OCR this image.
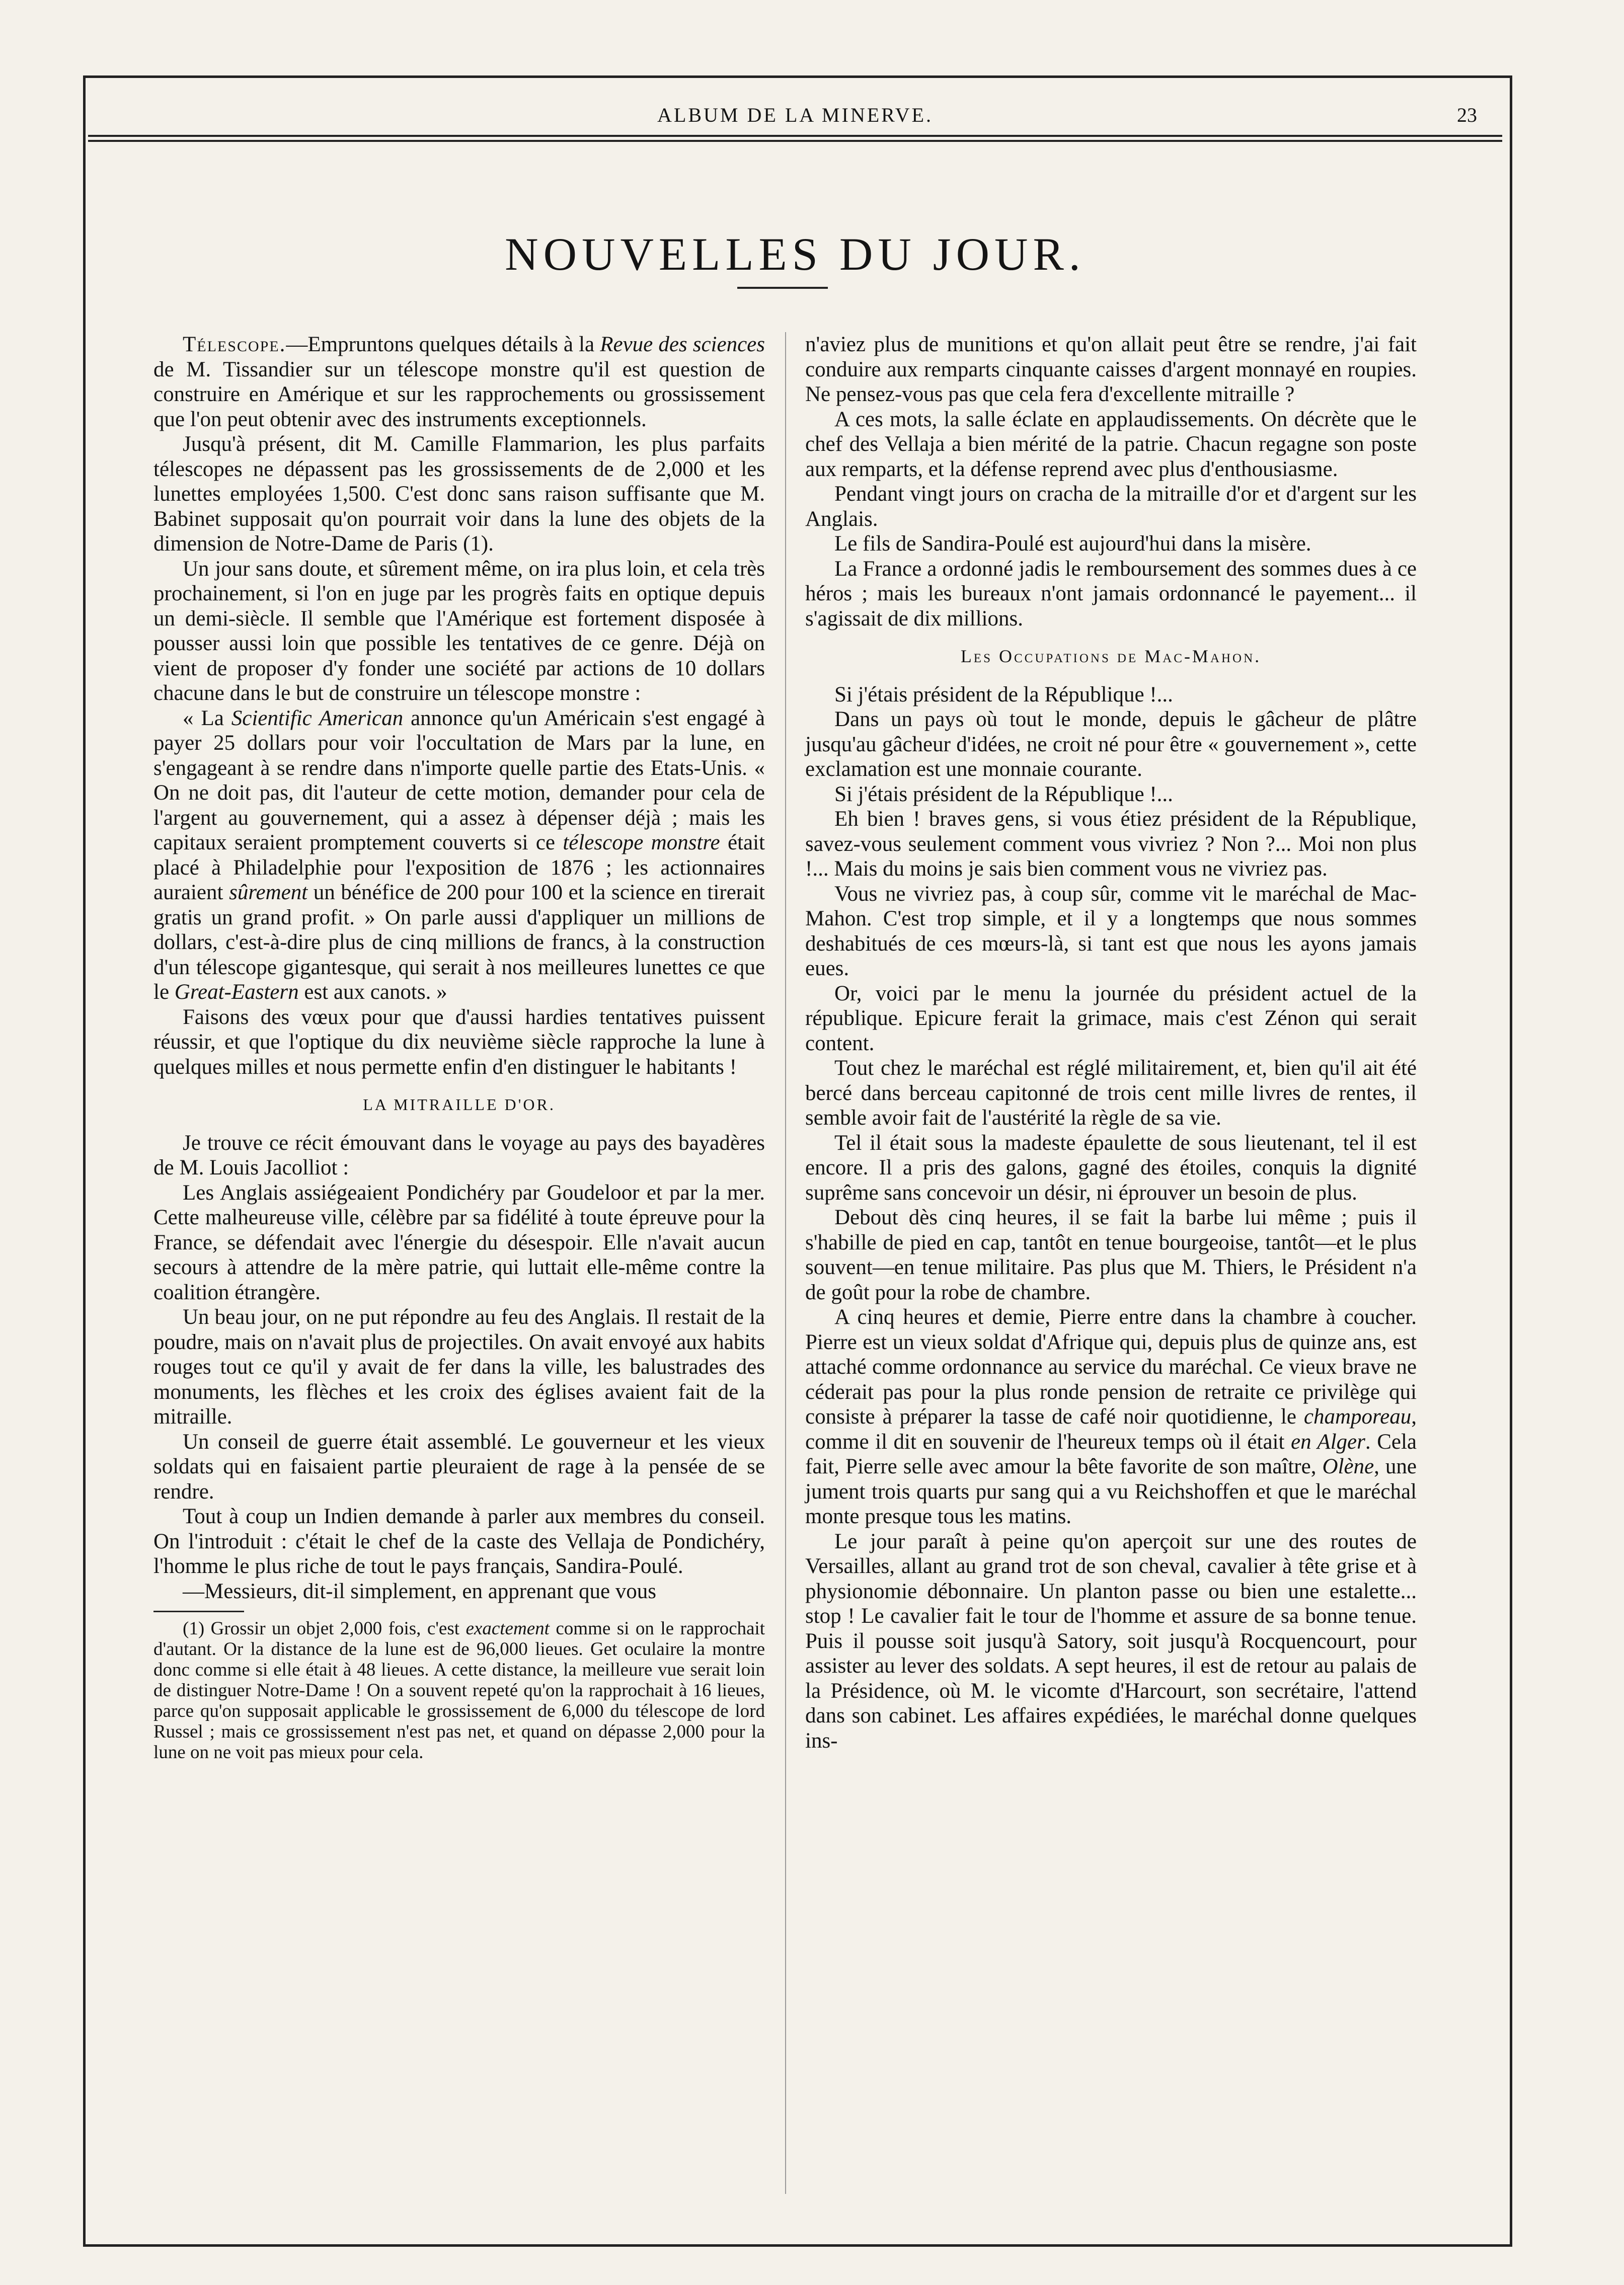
ALBUM DE LA MINERVE.	23
NOUVELLES DU JOUR.

Télescope.—Empruntons quelques détails à la Revue des sciences de M. Tissandier sur un télescope monstre qu'il est question de construire en Amérique et sur les rapprochements ou grossissement que l'on peut obtenir avec des instruments exceptionnels.

Jusqu'à présent, dit M. Camille Flammarion, les plus parfaits télescopes ne dépassent pas les grossissements de de 2,000 et les lunettes employées 1,500. C'est donc sans raison suffisante que M. Babinet supposait qu'on pourrait voir dans la lune des objets de la dimension de Notre-Dame de Paris (1).

Un jour sans doute, et sûrement même, on ira plus loin, et cela très prochainement, si l'on en juge par les progrès faits en optique depuis un demi-siècle. Il semble que l'Amérique est fortement disposée à pousser aussi loin que possible les tentatives de ce genre. Déjà on vient de proposer d'y fonder une société par actions de 10 dollars chacune dans le but de construire un télescope monstre :

« La Scientific American annonce qu'un Américain s'est engagé à payer 25 dollars pour voir l'occultation de Mars par la lune, en s'engageant à se rendre dans n'importe quelle partie des Etats-Unis. « On ne doit pas, dit l'auteur de cette motion, demander pour cela de l'argent au gouvernement, qui a assez à dépenser déjà ; mais les capitaux seraient promptement couverts si ce télescope monstre était placé à Philadelphie pour l'exposition de 1876 ; les actionnaires auraient sûrement un bénéfice de 200 pour 100 et la science en tirerait gratis un grand profit. » On parle aussi d'appliquer un millions de dollars, c'est-à-dire plus de cinq millions de francs, à la construction d'un télescope gigantesque, qui serait à nos meilleures lunettes ce que le Great-Eastern est aux canots. »

Faisons des vœux pour que d'aussi hardies tentatives puissent réussir, et que l'optique du dix neuvième siècle rapproche la lune à quelques milles et nous permette enfin d'en distinguer le habitants !

LA MITRAILLE D'OR.

Je trouve ce récit émouvant dans le voyage au pays des bayadères de M. Louis Jacolliot :

Les Anglais assiégeaient Pondichéry par Goudeloor et par la mer. Cette malheureuse ville, célèbre par sa fidélité à toute épreuve pour la France, se défendait avec l'énergie du désespoir. Elle n'avait aucun secours à attendre de la mère patrie, qui luttait elle-même contre la coalition étrangère.

Un beau jour, on ne put répondre au feu des Anglais. Il restait de la poudre, mais on n'avait plus de projectiles. On avait envoyé aux habits rouges tout ce qu'il y avait de fer dans la ville, les balustrades des monuments, les flèches et les croix des églises avaient fait de la mitraille.

Un conseil de guerre était assemblé. Le gouverneur et les vieux soldats qui en faisaient partie pleuraient de rage à la pensée de se rendre.

Tout à coup un Indien demande à parler aux membres du conseil. On l'introduit : c'était le chef de la caste des Vellaja de Pondichéry, l'homme le plus riche de tout le pays français, Sandira-Poulé.

—Messieurs, dit-il simplement, en apprenant que vous

(1) Grossir un objet 2,000 fois, c'est exactement comme si on le rapprochait d'autant. Or la distance de la lune est de 96,000 lieues. Get oculaire la montre donc comme si elle était à 48 lieues. A cette distance, la meilleure vue serait loin de distinguer Notre-Dame ! On a souvent repeté qu'on la rapprochait à 16 lieues, parce qu'on supposait applicable le grossissement de 6,000 du télescope de lord Russel ; mais ce grossissement n'est pas net, et quand on dépasse 2,000 pour la lune on ne voit pas mieux pour cela.

n'aviez plus de munitions et qu'on allait peut être se rendre, j'ai fait conduire aux remparts cinquante caisses d'argent monnayé en roupies. Ne pensez-vous pas que cela fera d'excellente mitraille ?

A ces mots, la salle éclate en applaudissements. On décrète que le chef des Vellaja a bien mérité de la patrie. Chacun regagne son poste aux remparts, et la défense reprend avec plus d'enthousiasme.

Pendant vingt jours on cracha de la mitraille d'or et d'argent sur les Anglais.

Le fils de Sandira-Poulé est aujourd'hui dans la misère.

La France a ordonné jadis le remboursement des sommes dues à ce héros ; mais les bureaux n'ont jamais ordonnancé le payement... il s'agissait de dix millions.

Les Occupations de Mac-Mahon.

Si j'étais président de la République !...

Dans un pays où tout le monde, depuis le gâcheur de plâtre jusqu'au gâcheur d'idées, ne croit né pour être « gouvernement », cette exclamation est une monnaie courante.

Si j'étais président de la République !...

Eh bien ! braves gens, si vous étiez président de la République, savez-vous seulement comment vous vivriez ? Non ?... Moi non plus !... Mais du moins je sais bien comment vous ne vivriez pas.

Vous ne vivriez pas, à coup sûr, comme vit le maréchal de Mac-Mahon. C'est trop simple, et il y a longtemps que nous sommes deshabitués de ces mœurs-là, si tant est que nous les ayons jamais eues.

Or, voici par le menu la journée du président actuel de la république. Epicure ferait la grimace, mais c'est Zénon qui serait content.

Tout chez le maréchal est réglé militairement, et, bien qu'il ait été bercé dans berceau capitonné de trois cent mille livres de rentes, il semble avoir fait de l'austérité la règle de sa vie.

Tel il était sous la madeste épaulette de sous lieutenant, tel il est encore. Il a pris des galons, gagné des étoiles, conquis la dignité suprême sans concevoir un désir, ni éprouver un besoin de plus.

Debout dès cinq heures, il se fait la barbe lui même ; puis il s'habille de pied en cap, tantôt en tenue bourgeoise, tantôt—et le plus souvent—en tenue militaire. Pas plus que M. Thiers, le Président n'a de goût pour la robe de chambre.

A cinq heures et demie, Pierre entre dans la chambre à coucher. Pierre est un vieux soldat d'Afrique qui, depuis plus de quinze ans, est attaché comme ordonnance au service du maréchal. Ce vieux brave ne céderait pas pour la plus ronde pension de retraite ce privilège qui consiste à préparer la tasse de café noir quotidienne, le champoreau, comme il dit en souvenir de l'heureux temps où il était en Alger. Cela fait, Pierre selle avec amour la bête favorite de son maître, Olène, une jument trois quarts pur sang qui a vu Reichshoffen et que le maréchal monte presque tous les matins.

Le jour paraît à peine qu'on aperçoit sur une des routes de Versailles, allant au grand trot de son cheval, cavalier à tête grise et à physionomie débonnaire. Un planton passe ou bien une estalette... stop ! Le cavalier fait le tour de l'homme et assure de sa bonne tenue. Puis il pousse soit jusqu'à Satory, soit jusqu'à Rocquencourt, pour assister au lever des soldats. A sept heures, il est de retour au palais de la Présidence, où M. le vicomte d'Harcourt, son secrétaire, l'attend dans son cabinet. Les affaires expédiées, le maréchal donne quelques ins-
